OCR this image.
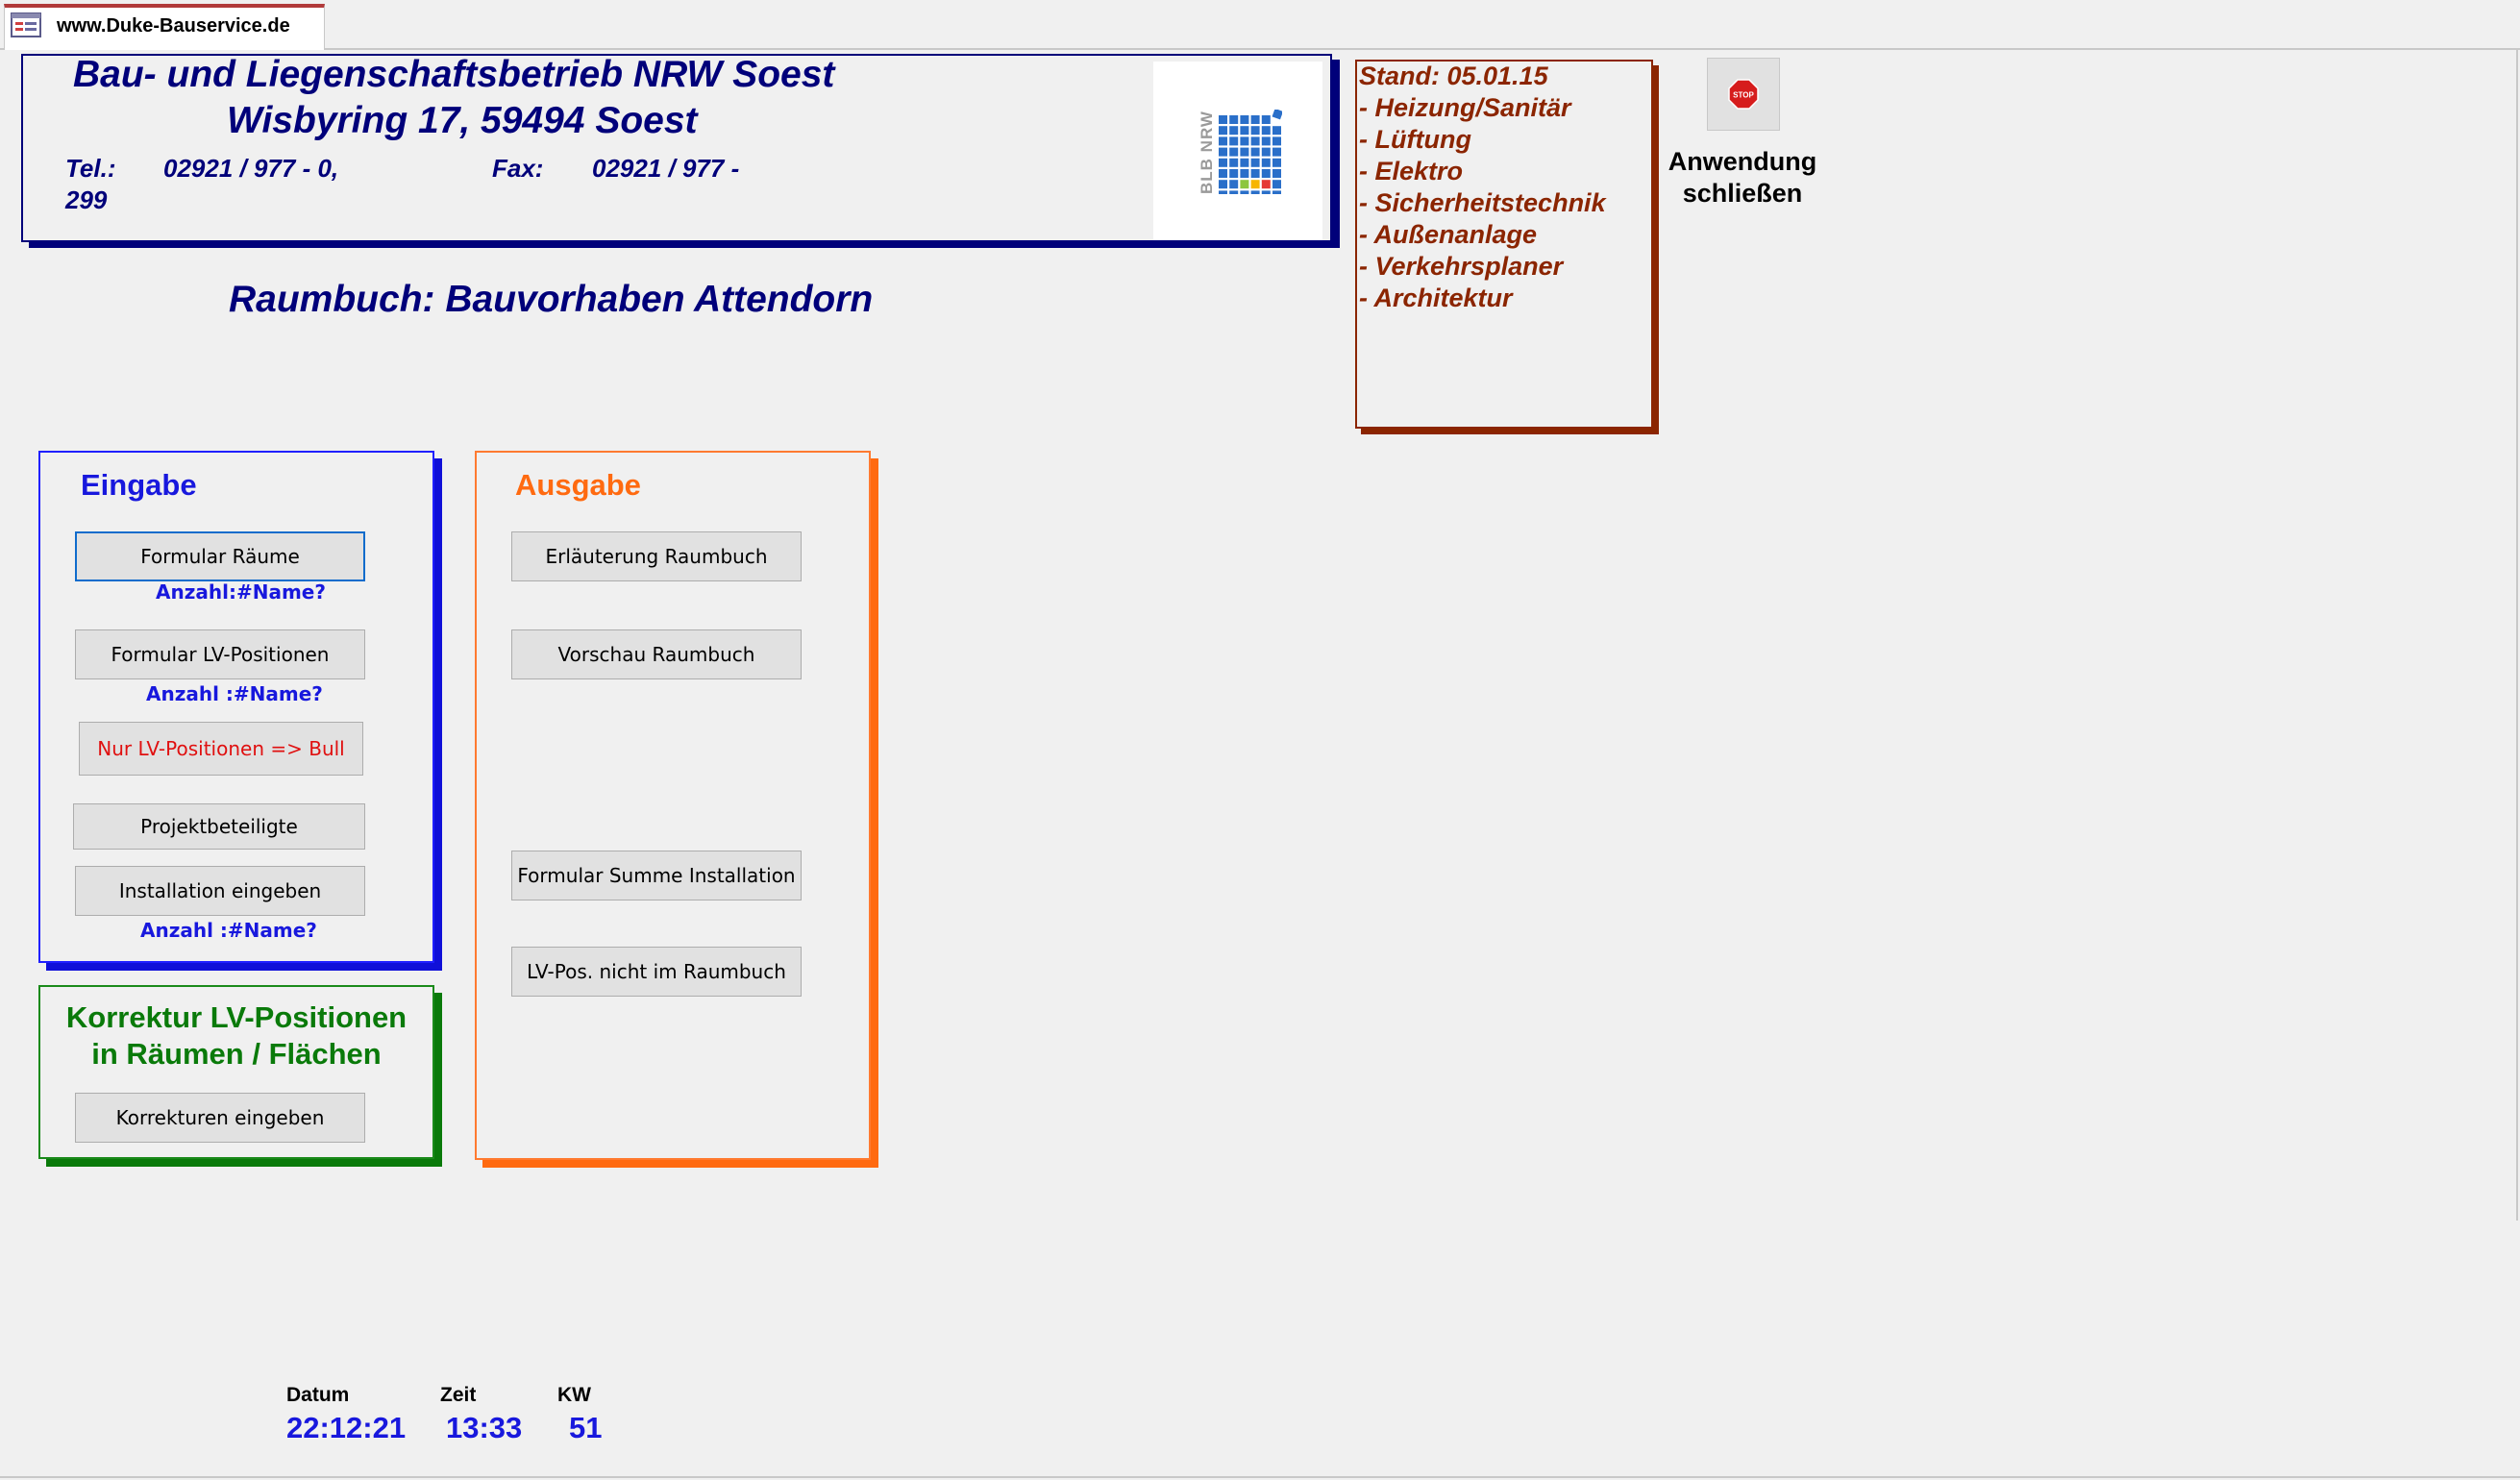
www.Duke-Bauservice.de
Bau- und Liegenschaftsbetrieb NRW Soest
Wisbyring 17, 59494 Soest
Tel.: 02921 / 977 - 0,
299
Fax: 02921 / 977 -	BLB NRW
Raumbuch: Bauvorhaben Attendorn
Stand: 05.01.15
- Heizung/Sanitär
- Lüftung
- Elektro
- Sicherheitstechnik
- Außenanlage
- Verkehrsplaner
- Architektur
STOP
Anwendung
schließen
Eingabe
Formular Räume
Anzahl:#Name?
Formular LV-Positionen
Anzahl :#Name?
Nur LV-Positionen => Bull
Projektbeteiligte
Installation eingeben
Anzahl :#Name?
Ausgabe
Erläuterung Raumbuch
Vorschau Raumbuch
Formular Summe Installation
LV-Pos. nicht im Raumbuch
Korrektur LV-Positionen
in Räumen / Flächen
Korrekturen eingeben
Datum
22:12:21
Zeit
13:33
KW
51
